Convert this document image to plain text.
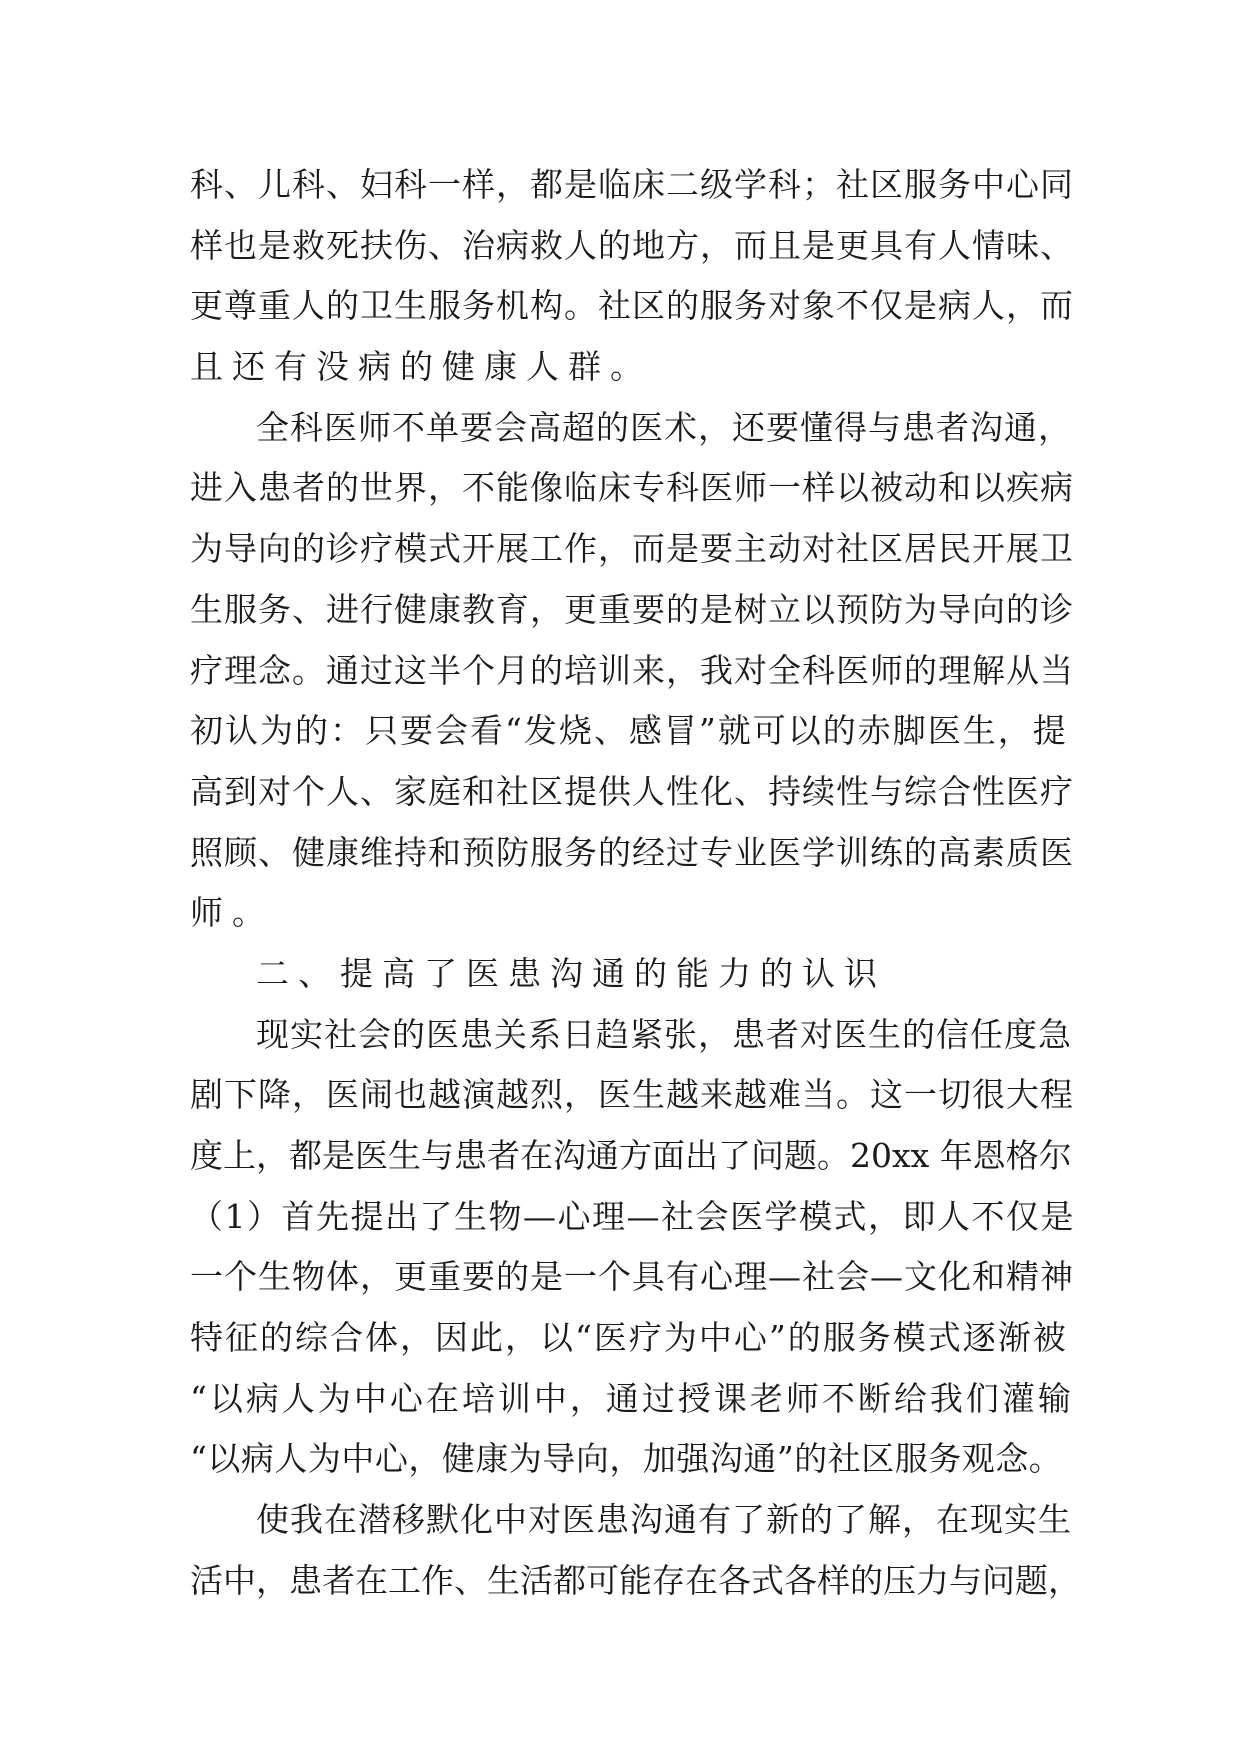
科、儿科、妇科一样，都是临床二级学科；社区服务中心同
样也是救死扶伤、治病救人的地方，而且是更具有人情味、
更尊重人的卫生服务机构。社区的服务对象不仅是病人，而
且还有没病的健康人群。
全科医师不单要会高超的医术，还要懂得与患者沟通，
进入患者的世界，不能像临床专科医师一样以被动和以疾病
为导向的诊疗模式开展工作，而是要主动对社区居民开展卫
生服务、进行健康教育，更重要的是树立以预防为导向的诊
疗理念。通过这半个月的培训来，我对全科医师的理解从当
初认为的：只要会看“发烧、感冒”就可以的赤脚医生，提
高到对个人、家庭和社区提供人性化、持续性与综合性医疗
照顾、健康维持和预防服务的经过专业医学训练的高素质医
师。
二、提高了医患沟通的能力的认识
现实社会的医患关系日趋紧张，患者对医生的信任度急
剧下降，医闹也越演越烈，医生越来越难当。这一切很大程
度上，都是医生与患者在沟通方面出了问题。20xx 年恩格尔
（1）首先提出了生物—心理—社会医学模式，即人不仅是
一个生物体，更重要的是一个具有心理—社会—文化和精神
特征的综合体，因此，以“医疗为中心”的服务模式逐渐被
“以病人为中心在培训中，通过授课老师不断给我们灌输
“以病人为中心，健康为导向，加强沟通”的社区服务观念。
使我在潜移默化中对医患沟通有了新的了解，在现实生
活中，患者在工作、生活都可能存在各式各样的压力与问题，
